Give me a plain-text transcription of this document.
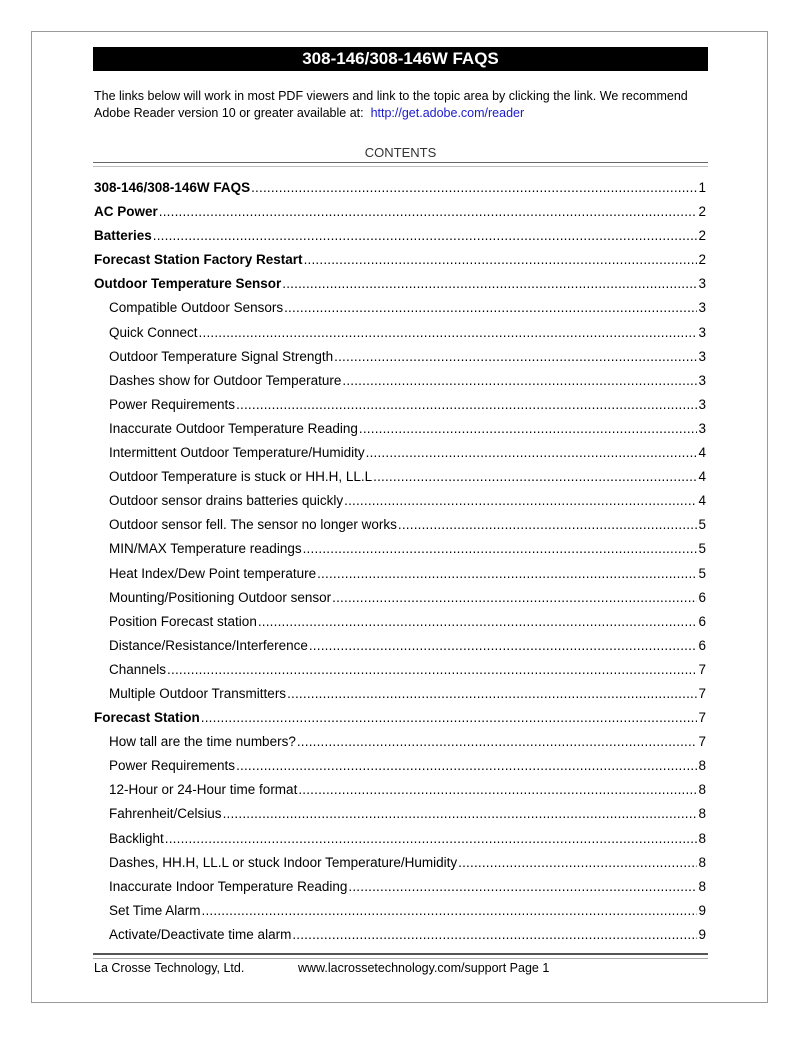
308-146/308-146W FAQS
The links below will work in most PDF viewers and link to the topic area by clicking the link. We recommend Adobe Reader version 10 or greater available at: http://get.adobe.com/reader
CONTENTS
308-146/308-146W FAQS .....	1
AC Power .....	2
Batteries .....	2
Forecast Station Factory Restart .....	2
Outdoor Temperature Sensor .....	3
Compatible Outdoor Sensors .....	3
Quick Connect .....	3
Outdoor Temperature Signal Strength .....	3
Dashes show for Outdoor Temperature .....	3
Power Requirements .....	3
Inaccurate Outdoor Temperature Reading .....	3
Intermittent Outdoor Temperature/Humidity .....	4
Outdoor Temperature is stuck or HH.H, LL.L .....	4
Outdoor sensor drains batteries quickly .....	4
Outdoor sensor fell. The sensor no longer works .....	5
MIN/MAX Temperature readings .....	5
Heat Index/Dew Point temperature .....	5
Mounting/Positioning Outdoor sensor .....	6
Position Forecast station .....	6
Distance/Resistance/Interference .....	6
Channels .....	7
Multiple Outdoor Transmitters .....	7
Forecast Station .....	7
How tall are the time numbers? .....	7
Power Requirements .....	8
12-Hour or 24-Hour time format .....	8
Fahrenheit/Celsius .....	8
Backlight .....	8
Dashes, HH.H, LL.L or stuck Indoor Temperature/Humidity .....	8
Inaccurate Indoor Temperature Reading .....	8
Set Time Alarm .....	9
Activate/Deactivate time alarm .....	9
La Crosse Technology, Ltd.	www.lacrossetechnology.com/support Page 1
